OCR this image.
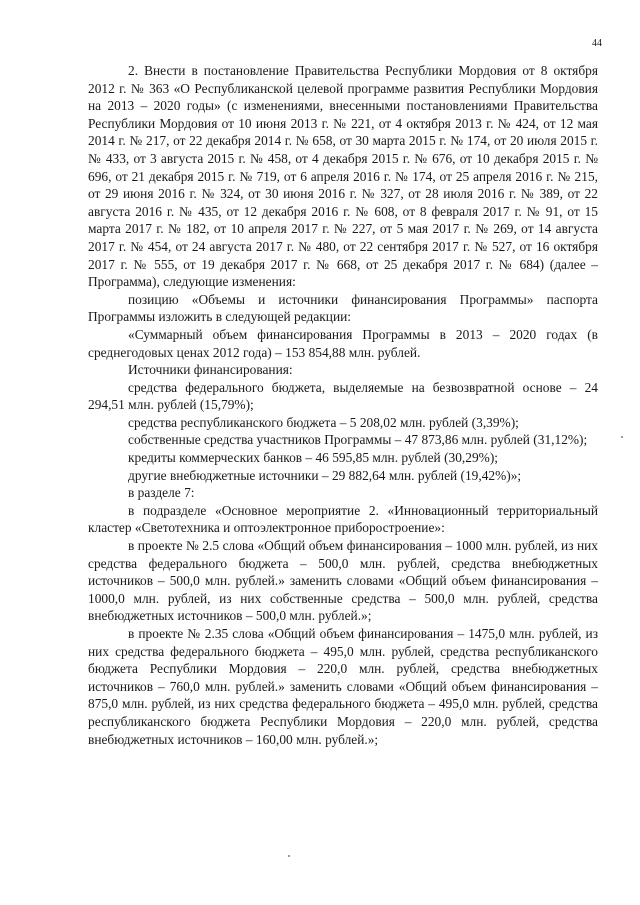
44

2. Внести в постановление Правительства Республики Мордовия от 8 октября 2012 г. № 363 «О Республиканской целевой программе развития Республики Мордовия на 2013 – 2020 годы» (с изменениями, внесенными постановлениями Правительства Республики Мордовия от 10 июня 2013 г. № 221, от 4 октября 2013 г. № 424, от 12 мая 2014 г. № 217, от 22 декабря 2014 г. № 658, от 30 марта 2015 г. № 174, от 20 июля 2015 г. № 433, от 3 августа 2015 г. № 458, от 4 декабря 2015 г. № 676, от 10 декабря 2015 г. № 696, от 21 декабря 2015 г. № 719, от 6 апреля 2016 г. № 174, от 25 апреля 2016 г. № 215, от 29 июня 2016 г. № 324, от 30 июня 2016 г. № 327, от 28 июля 2016 г. № 389, от 22 августа 2016 г. № 435, от 12 декабря 2016 г. № 608, от 8 февраля 2017 г. № 91, от 15 марта 2017 г. № 182, от 10 апреля 2017 г. № 227, от 5 мая 2017 г. № 269, от 14 августа 2017 г. № 454, от 24 августа 2017 г. № 480, от 22 сентября 2017 г. № 527, от 16 октября 2017 г. № 555, от 19 декабря 2017 г. № 668, от 25 декабря 2017 г. № 684) (далее – Программа), следующие изменения:

позицию «Объемы и источники финансирования Программы» паспорта Программы изложить в следующей редакции:

«Суммарный объем финансирования Программы в 2013 – 2020 годах (в среднегодовых ценах 2012 года) – 153 854,88 млн. рублей.

Источники финансирования:

средства федерального бюджета, выделяемые на безвозвратной основе – 24 294,51 млн. рублей (15,79%);

средства республиканского бюджета – 5 208,02 млн. рублей (3,39%);

собственные средства участников Программы – 47 873,86 млн. рублей (31,12%);

кредиты коммерческих банков – 46 595,85 млн. рублей (30,29%);

другие внебюджетные источники – 29 882,64 млн. рублей (19,42%)»;

в разделе 7:

в подразделе «Основное мероприятие 2. «Инновационный территориальный кластер «Светотехника и оптоэлектронное приборостроение»:

в проекте № 2.5 слова «Общий объем финансирования – 1000 млн. рублей, из них средства федерального бюджета – 500,0 млн. рублей, средства внебюджетных источников – 500,0 млн. рублей.» заменить словами «Общий объем финансирования – 1000,0 млн. рублей, из них собственные средства – 500,0 млн. рублей, средства внебюджетных источников – 500,0 млн. рублей.»;

в проекте № 2.35 слова «Общий объем финансирования – 1475,0 млн. рублей, из них средства федерального бюджета – 495,0 млн. рублей, средства республиканского бюджета Республики Мордовия – 220,0 млн. рублей, средства внебюджетных источников – 760,0 млн. рублей.» заменить словами «Общий объем финансирования – 875,0 млн. рублей, из них средства федерального бюджета – 495,0 млн. рублей, средства республиканского бюджета Республики Мордовия – 220,0 млн. рублей, средства внебюджетных источников – 160,00 млн. рублей.»;
